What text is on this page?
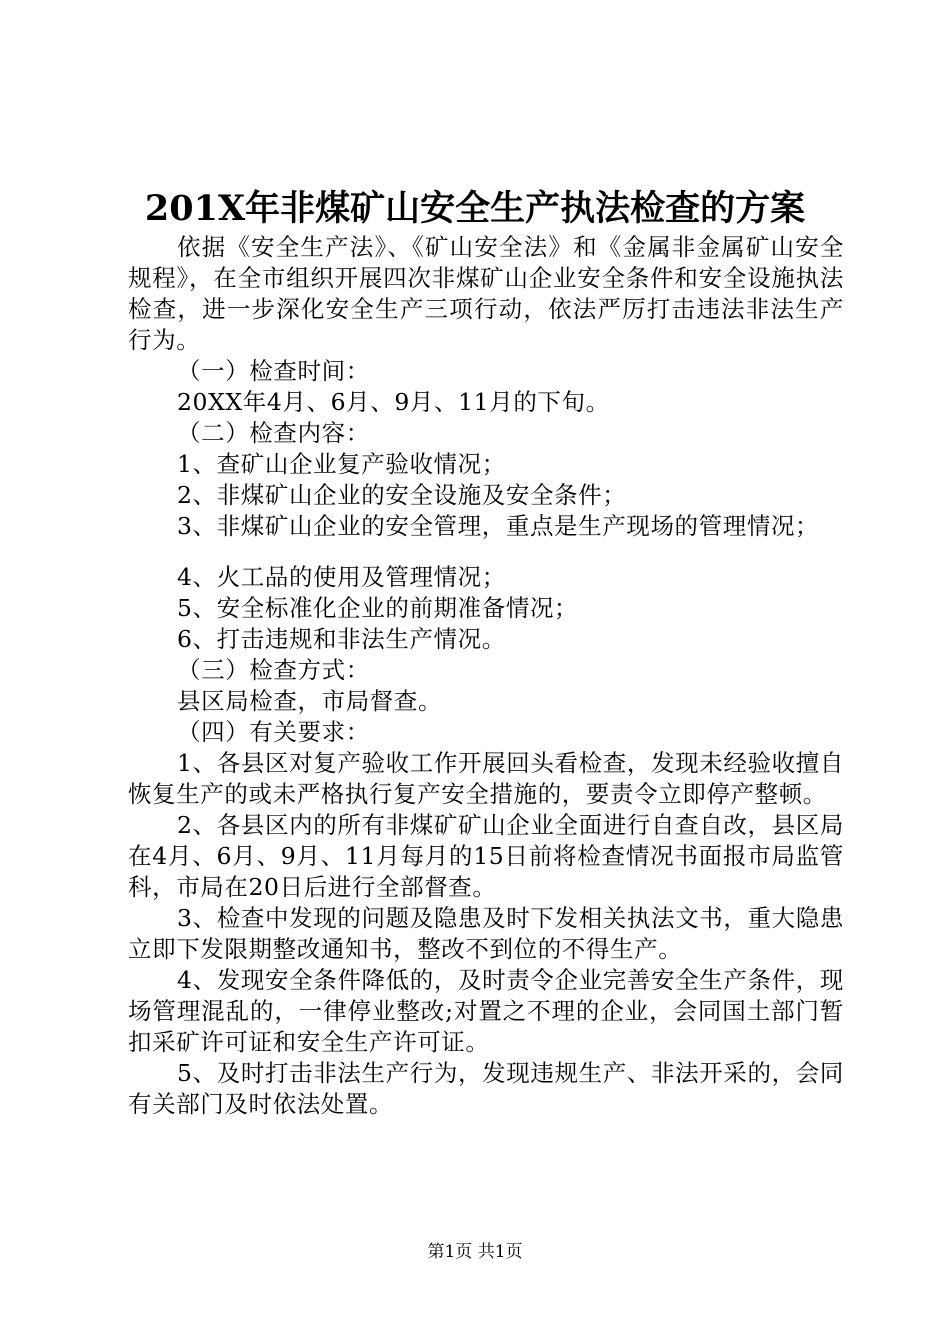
201X年非煤矿山安全生产执法检查的方案

依据《安全生产法》、《矿山安全法》和《金属非金属矿山安全规程》，在全市组织开展四次非煤矿山企业安全条件和安全设施执法检查，进一步深化安全生产三项行动，依法严厉打击违法非法生产行为。

（一）检查时间：

20XX年4月、6月、9月、11月的下旬。

（二）检查内容：

1、查矿山企业复产验收情况；

2、非煤矿山企业的安全设施及安全条件；

3、非煤矿山企业的安全管理，重点是生产现场的管理情况；

4、火工品的使用及管理情况；

5、安全标准化企业的前期准备情况；

6、打击违规和非法生产情况。

（三）检查方式：

县区局检查，市局督查。

（四）有关要求：

1、各县区对复产验收工作开展回头看检查，发现未经验收擅自恢复生产的或未严格执行复产安全措施的，要责令立即停产整顿。

2、各县区内的所有非煤矿矿山企业全面进行自查自改，县区局在4月、6月、9月、11月每月的15日前将检查情况书面报市局监管科，市局在20日后进行全部督查。

3、检查中发现的问题及隐患及时下发相关执法文书，重大隐患立即下发限期整改通知书，整改不到位的不得生产。

4、发现安全条件降低的，及时责令企业完善安全生产条件，现场管理混乱的，一律停业整改;对置之不理的企业，会同国土部门暂扣采矿许可证和安全生产许可证。

5、及时打击非法生产行为，发现违规生产、非法开采的，会同有关部门及时依法处置。

第1页 共1页
